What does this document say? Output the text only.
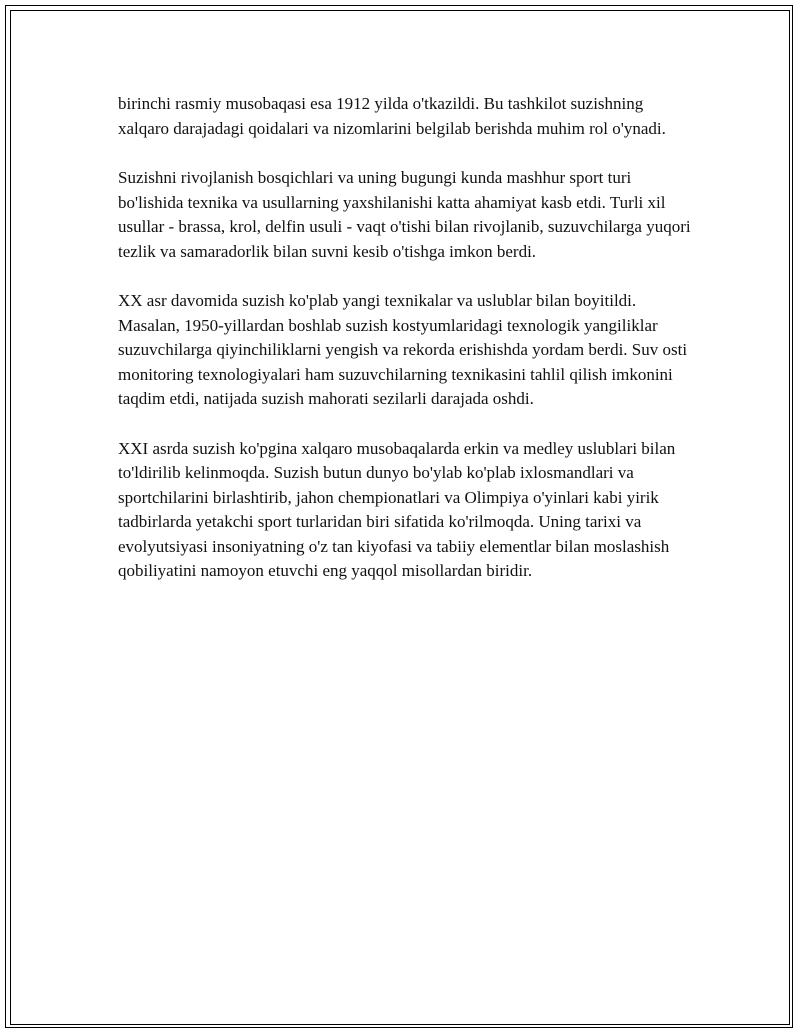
birinchi rasmiy musobaqasi esa 1912 yilda o'tkazildi. Bu tashkilot suzishning xalqaro darajadagi qoidalari va nizomlarini belgilab berishda muhim rol o'ynadi.

Suzishni rivojlanish bosqichlari va uning bugungi kunda mashhur sport turi bo'lishida texnika va usullarning yaxshilanishi katta ahamiyat kasb etdi. Turli xil usullar - brassa, krol, delfin usuli - vaqt o'tishi bilan rivojlanib, suzuvchilarga yuqori tezlik va samaradorlik bilan suvni kesib o'tishga imkon berdi.

XX asr davomida suzish ko'plab yangi texnikalar va uslublar bilan boyitildi. Masalan, 1950-yillardan boshlab suzish kostyumlaridagi texnologik yangiliklar suzuvchilarga qiyinchiliklarni yengish va rekorda erishishda yordam berdi. Suv osti monitoring texnologiyalari ham suzuvchilarning texnikasini tahlil qilish imkonini taqdim etdi, natijada suzish mahorati sezilarli darajada oshdi.

XXI asrda suzish ko'pgina xalqaro musobaqalarda erkin va medley uslublari bilan to'ldirilib kelinmoqda. Suzish butun dunyo bo'ylab ko'plab ixlosmandlari va sportchilarini birlashtirib, jahon chempionatlari va Olimpiya o'yinlari kabi yirik tadbirlarda yetakchi sport turlaridan biri sifatida ko'rilmoqda. Uning tarixi va evolyutsiyasi insoniyatning o'z tan kiyofasi va tabiiy elementlar bilan moslashish qobiliyatini namoyon etuvchi eng yaqqol misollardan biridir.
